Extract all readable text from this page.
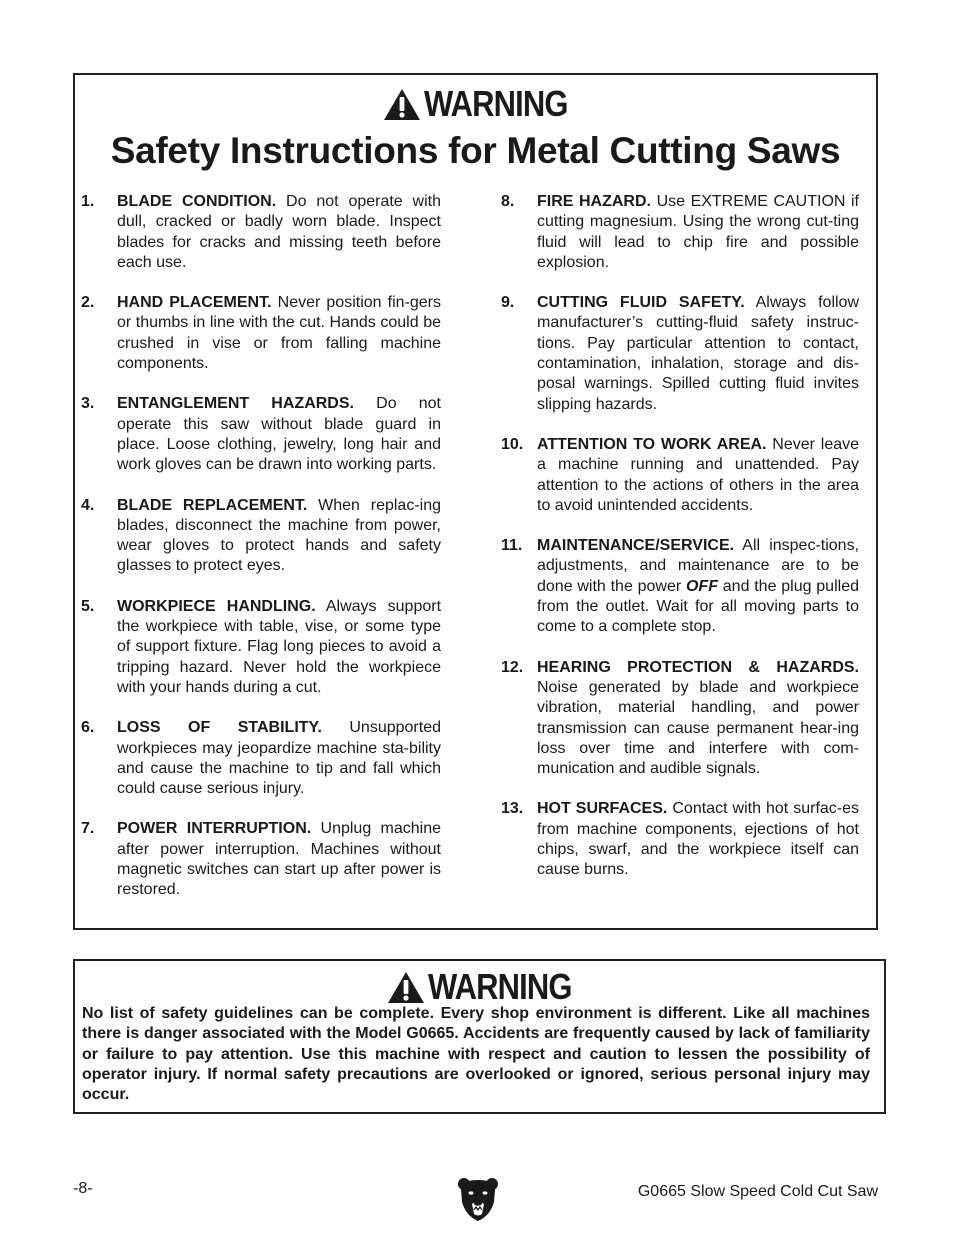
WARNING
Safety Instructions for Metal Cutting Saws
1. BLADE CONDITION. Do not operate with dull, cracked or badly worn blade. Inspect blades for cracks and missing teeth before each use.
2. HAND PLACEMENT. Never position fin-gers or thumbs in line with the cut. Hands could be crushed in vise or from falling machine components.
3. ENTANGLEMENT HAZARDS. Do not operate this saw without blade guard in place. Loose clothing, jewelry, long hair and work gloves can be drawn into working parts.
4. BLADE REPLACEMENT. When replac-ing blades, disconnect the machine from power, wear gloves to protect hands and safety glasses to protect eyes.
5. WORKPIECE HANDLING. Always support the workpiece with table, vise, or some type of support fixture. Flag long pieces to avoid a tripping hazard. Never hold the workpiece with your hands during a cut.
6. LOSS OF STABILITY. Unsupported workpieces may jeopardize machine sta-bility and cause the machine to tip and fall which could cause serious injury.
7. POWER INTERRUPTION. Unplug machine after power interruption. Machines without magnetic switches can start up after power is restored.
8. FIRE HAZARD. Use EXTREME CAUTION if cutting magnesium. Using the wrong cut-ting fluid will lead to chip fire and possible explosion.
9. CUTTING FLUID SAFETY. Always follow manufacturer’s cutting-fluid safety instruc-tions. Pay particular attention to contact, contamination, inhalation, storage and dis-posal warnings. Spilled cutting fluid invites slipping hazards.
10. ATTENTION TO WORK AREA. Never leave a machine running and unattended. Pay attention to the actions of others in the area to avoid unintended accidents.
11. MAINTENANCE/SERVICE. All inspec-tions, adjustments, and maintenance are to be done with the power OFF and the plug pulled from the outlet. Wait for all moving parts to come to a complete stop.
12. HEARING PROTECTION & HAZARDS. Noise generated by blade and workpiece vibration, material handling, and power transmission can cause permanent hear-ing loss over time and interfere with com-munication and audible signals.
13. HOT SURFACES. Contact with hot surfac-es from machine components, ejections of hot chips, swarf, and the workpiece itself can cause burns.
WARNING
No list of safety guidelines can be complete. Every shop environment is different. Like all machines there is danger associated with the Model G0665. Accidents are frequently caused by lack of familiarity or failure to pay attention. Use this machine with respect and caution to lessen the possibility of operator injury. If normal safety precautions are overlooked or ignored, serious personal injury may occur.
-8-	G0665 Slow Speed Cold Cut Saw
